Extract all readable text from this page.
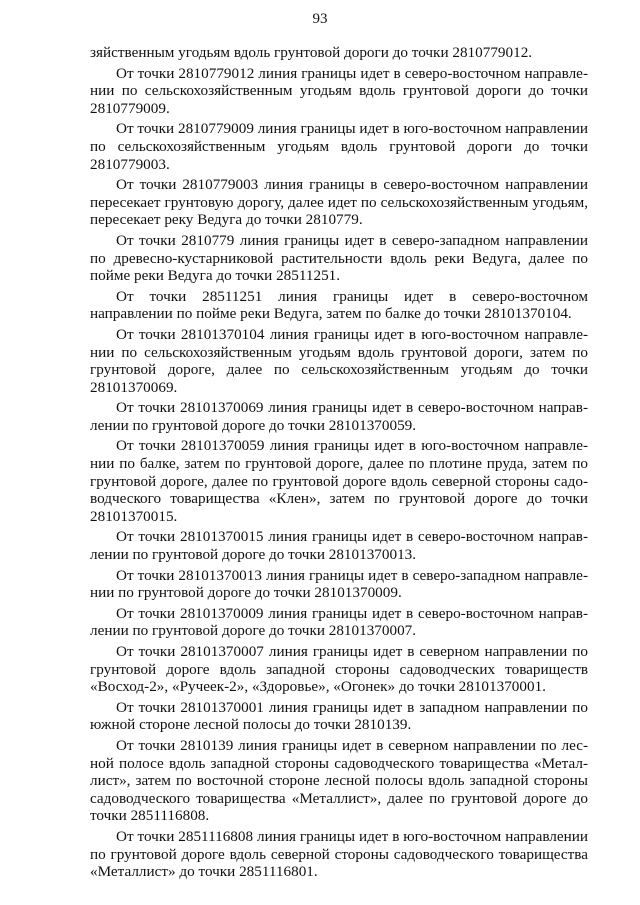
93

зяйственным угодьям вдоль грунтовой дороги до точки 2810779012.

От точки 2810779012 линия границы идет в северо-восточном направлении по сельскохозяйственным угодьям вдоль грунтовой дороги до точки 2810779009.

От точки 2810779009 линия границы идет в юго-восточном направлении по сельскохозяйственным угодьям вдоль грунтовой дороги до точки 2810779003.

От точки 2810779003 линия границы в северо-восточном направлении пересекает грунтовую дорогу, далее идет по сельскохозяйственным угодьям, пересекает реку Ведуга до точки 2810779.

От точки 2810779 линия границы идет в северо-западном направлении по древесно-кустарниковой растительности вдоль реки Ведуга, далее по пойме реки Ведуга до точки 28511251.

От точки 28511251 линия границы идет в северо-восточном направлении по пойме реки Ведуга, затем по балке до точки 28101370104.

От точки 28101370104 линия границы идет в юго-восточном направлении по сельскохозяйственным угодьям вдоль грунтовой дороги, затем по грунтовой дороге, далее по сельскохозяйственным угодьям до точки 28101370069.

От точки 28101370069 линия границы идет в северо-восточном направлении по грунтовой дороге до точки 28101370059.

От точки 28101370059 линия границы идет в юго-восточном направлении по балке, затем по грунтовой дороге, далее по плотине пруда, затем по грунтовой дороге, далее по грунтовой дороге вдоль северной стороны садоводческого товарищества «Клен», затем по грунтовой дороге до точки 28101370015.

От точки 28101370015 линия границы идет в северо-восточном направлении по грунтовой дороге до точки 28101370013.

От точки 28101370013 линия границы идет в северо-западном направлении по грунтовой дороге до точки 28101370009.

От точки 28101370009 линия границы идет в северо-восточном направлении по грунтовой дороге до точки 28101370007.

От точки 28101370007 линия границы идет в северном направлении по грунтовой дороге вдоль западной стороны садоводческих товариществ «Восход-2», «Ручеек-2», «Здоровье», «Огонек» до точки 28101370001.

От точки 28101370001 линия границы идет в западном направлении по южной стороне лесной полосы до точки 2810139.

От точки 2810139 линия границы идет в северном направлении по лесной полосе вдоль западной стороны садоводческого товарищества «Металлист», затем по восточной стороне лесной полосы вдоль западной стороны садоводческого товарищества «Металлист», далее по грунтовой дороге до точки 2851116808.

От точки 2851116808 линия границы идет в юго-восточном направлении по грунтовой дороге вдоль северной стороны садоводческого товарищества «Металлист» до точки 2851116801.
